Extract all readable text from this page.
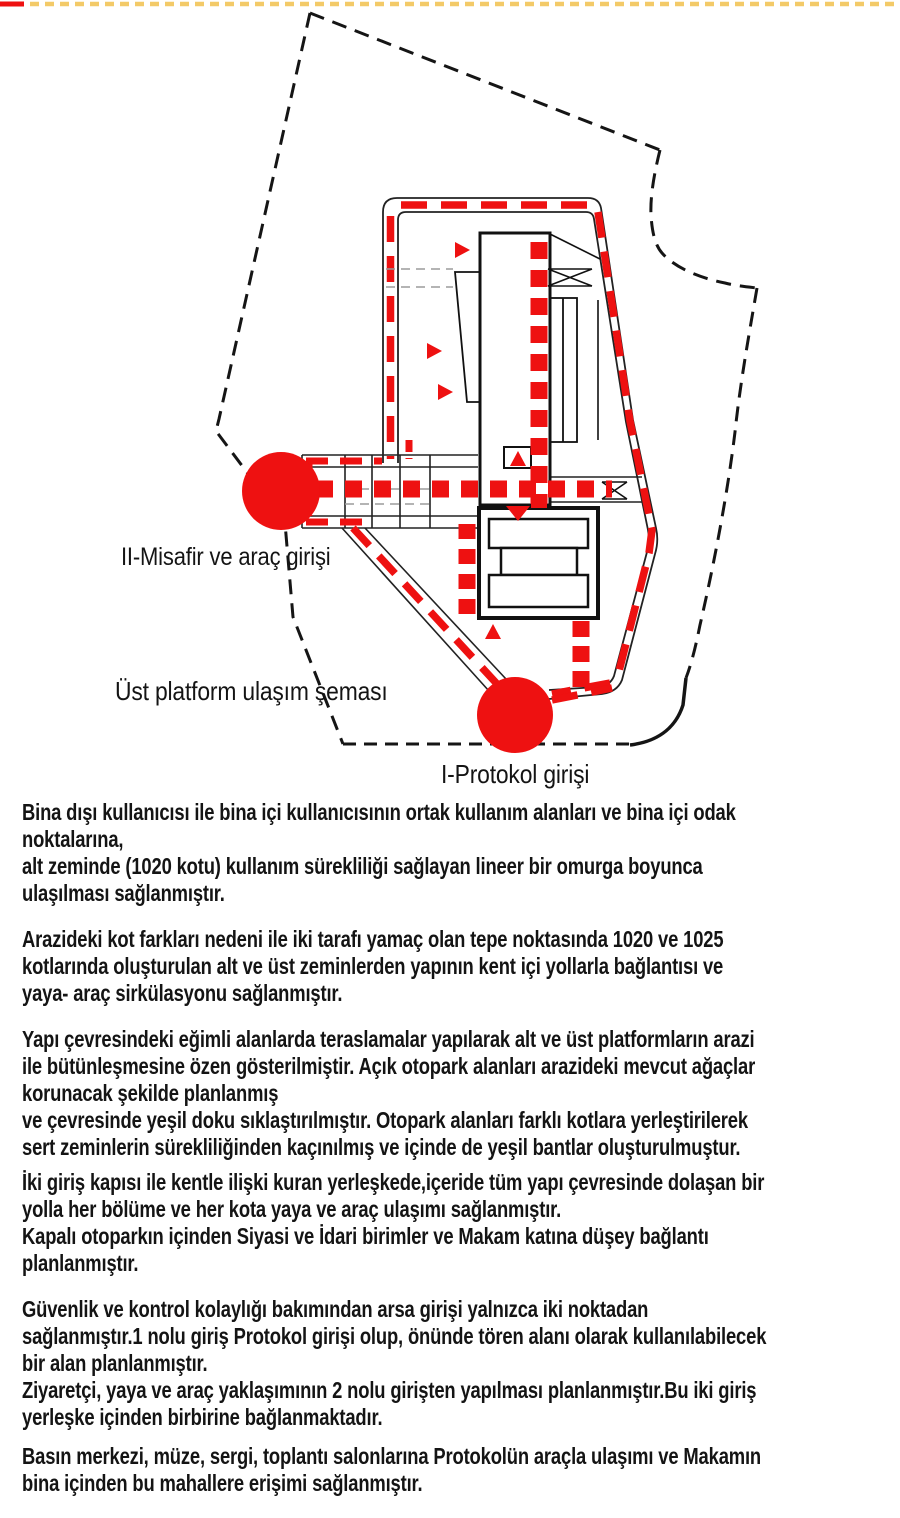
II-Misafir ve araç girişi
Üst platform ulaşım şeması
I-Protokol girişi
Bina dışı kullanıcısı ile bina içi kullanıcısının ortak kullanım alanları ve bina içi odak
noktalarına,
alt zeminde (1020 kotu) kullanım sürekliliği sağlayan lineer bir omurga boyunca
ulaşılması sağlanmıştır.
Arazideki kot farkları nedeni ile iki tarafı yamaç olan tepe noktasında 1020 ve 1025
kotlarında oluşturulan alt ve üst zeminlerden yapının kent içi yollarla bağlantısı ve
yaya- araç sirkülasyonu sağlanmıştır.
Yapı çevresindeki eğimli alanlarda teraslamalar yapılarak alt ve üst platformların arazi
ile bütünleşmesine özen gösterilmiştir. Açık otopark alanları arazideki mevcut ağaçlar
korunacak şekilde planlanmış
ve çevresinde yeşil doku sıklaştırılmıştır. Otopark alanları farklı kotlara yerleştirilerek
sert zeminlerin sürekliliğinden kaçınılmış ve içinde de yeşil bantlar oluşturulmuştur.
İki giriş kapısı ile kentle ilişki kuran yerleşkede,içeride tüm yapı çevresinde dolaşan bir
yolla her bölüme ve her kota yaya ve araç ulaşımı sağlanmıştır.
Kapalı otoparkın içinden Siyasi ve İdari birimler ve Makam katına düşey bağlantı
planlanmıştır.
Güvenlik ve kontrol kolaylığı bakımından arsa girişi yalnızca iki noktadan
sağlanmıştır.1 nolu giriş Protokol girişi olup, önünde tören alanı olarak kullanılabilecek
bir alan planlanmıştır.
Ziyaretçi, yaya ve araç yaklaşımının 2 nolu girişten yapılması planlanmıştır.Bu iki giriş
yerleşke içinden birbirine bağlanmaktadır.
Basın merkezi, müze, sergi, toplantı salonlarına Protokolün araçla ulaşımı ve Makamın
bina içinden bu mahallere erişimi sağlanmıştır.
